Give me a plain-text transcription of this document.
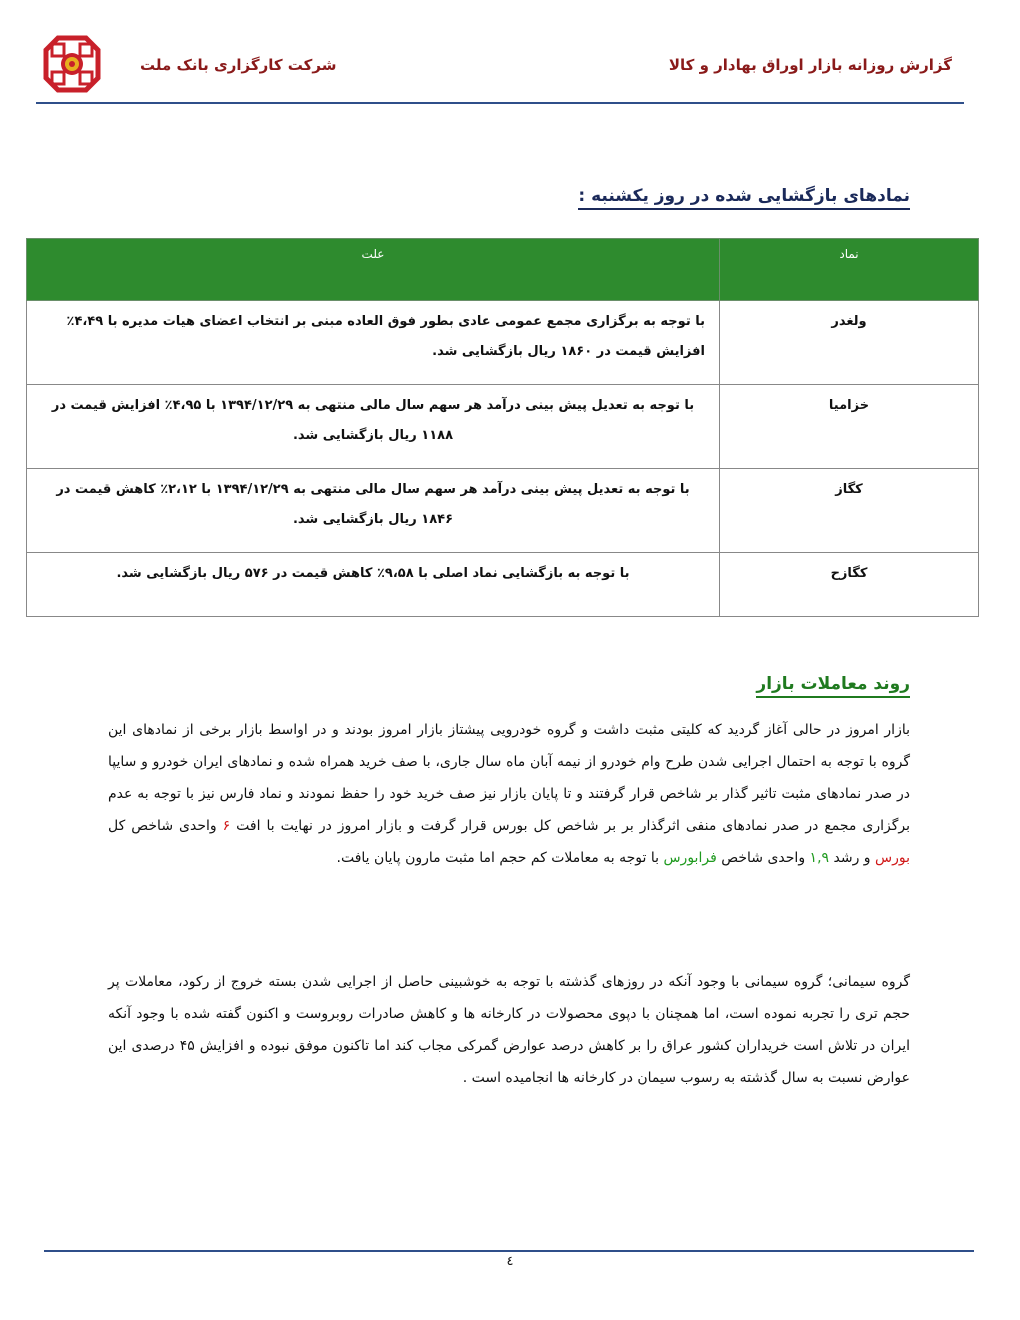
گزارش روزانه بازار اوراق بهادار و کالا
شرکت کارگزاری بانک ملت
نمادهای بازگشایی شده در روز یکشنبه :
نماد	علت
ولغدر	با توجه به برگزاری مجمع عمومی عادی بطور فوق العاده مبنی بر انتخاب اعضای هیات مدیره با ۴،۴۹٪ افزایش قیمت در ۱۸۶۰ ریال بازگشایی شد.
خزامیا	با توجه به تعدیل پیش بینی درآمد هر سهم سال مالی منتهی به ۱۳۹۴/۱۲/۲۹ با ۴،۹۵٪ افزایش قیمت در ۱۱۸۸ ریال بازگشایی شد.
کگاز	با توجه به تعدیل پیش بینی درآمد هر سهم سال مالی منتهی به ۱۳۹۴/۱۲/۲۹ با ۲،۱۲٪ کاهش قیمت در ۱۸۴۶ ریال بازگشایی شد.
کگازح	با توجه به بازگشایی نماد اصلی با ۹،۵۸٪ کاهش قیمت در ۵۷۶ ریال بازگشایی شد.
روند معاملات بازار

بازار امروز در حالی آغاز گردید که کلیتی مثبت داشت و گروه خودرویی پیشتاز بازار امروز بودند و در اواسط بازار برخی از نمادهای این گروه با توجه به احتمال اجرایی شدن طرح وام خودرو از نیمه آبان ماه سال جاری، با صف خرید همراه شده و نمادهای ایران خودرو و سایپا در صدر نمادهای مثبت تاثیر گذار بر شاخص قرار گرفتند و تا پایان بازار نیز صف خرید خود را حفظ نمودند و نماد فارس نیز با توجه به عدم برگزاری مجمع در صدر نمادهای منفی اثرگذار بر بر شاخص کل بورس قرار گرفت و بازار امروز در نهایت با افت ۶ واحدی شاخص کل بورس و رشد ۱,۹ واحدی شاخص فرابورس با توجه به معاملات کم حجم اما مثبت مارون پایان یافت.

گروه سیمانی؛ گروه سیمانی با وجود آنکه در روزهای گذشته با توجه به خوشبینی حاصل از اجرایی شدن بسته خروج از رکود، معاملات پر حجم تری را تجربه نموده است، اما همچنان با دپوی محصولات در کارخانه ها و کاهش صادرات روبروست و اکنون گفته شده با وجود آنکه ایران در تلاش است خریداران کشور عراق را بر کاهش درصد عوارض گمرکی مجاب کند اما تاکنون موفق نبوده و افزایش ۴۵ درصدی این عوارض نسبت به سال گذشته به رسوب سیمان در کارخانه ها انجامیده است .

٤
